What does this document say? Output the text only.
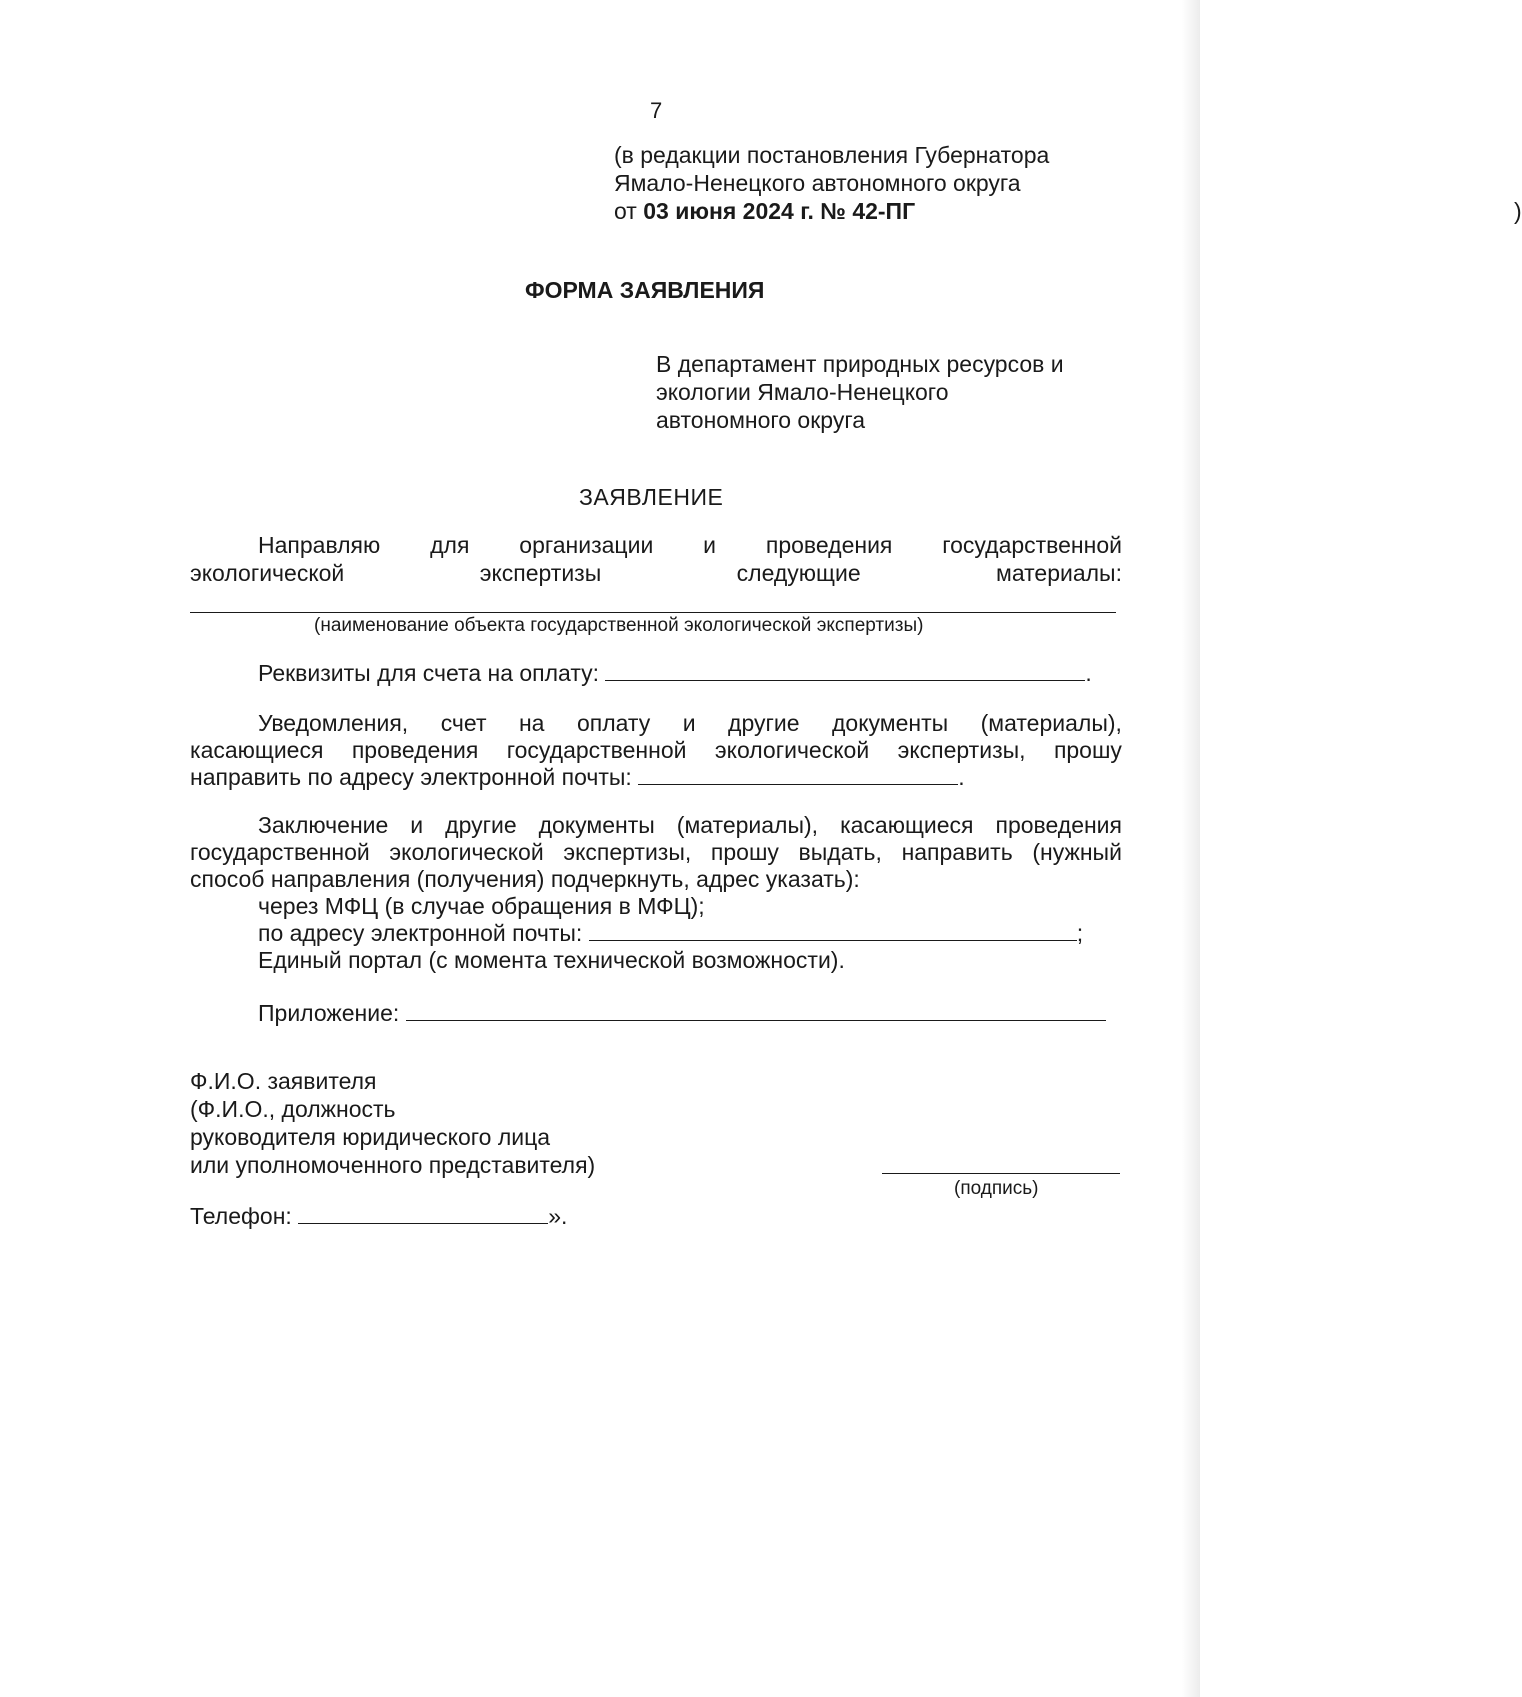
7
(в редакции постановления Губернатора
Ямало-Ненецкого автономного округа
от 03 июня 2024 г. № 42-ПГ	)
ФОРМА ЗАЯВЛЕНИЯ
В департамент природных ресурсов и
экологии Ямало-Ненецкого
автономного округа
ЗАЯВЛЕНИЕ
Направляю для организации и проведения государственной
экологической	экспертизы	следующие	материалы:
(наименование объекта государственной экологической экспертизы)
Реквизиты для счета на оплату:	.
Уведомления, счет на оплату и другие документы (материалы),
касающиеся проведения государственной экологической экспертизы, прошу
направить по адресу электронной почты:	.
Заключение и другие документы (материалы), касающиеся проведения
государственной экологической экспертизы, прошу выдать, направить (нужный
способ направления (получения) подчеркнуть, адрес указать):
через МФЦ (в случае обращения в МФЦ);
по адресу электронной почты:	;
Единый портал (с момента технической возможности).
Приложение:
Ф.И.О. заявителя
(Ф.И.О., должность
руководителя юридического лица
или уполномоченного представителя)
(подпись)
Телефон:	».
